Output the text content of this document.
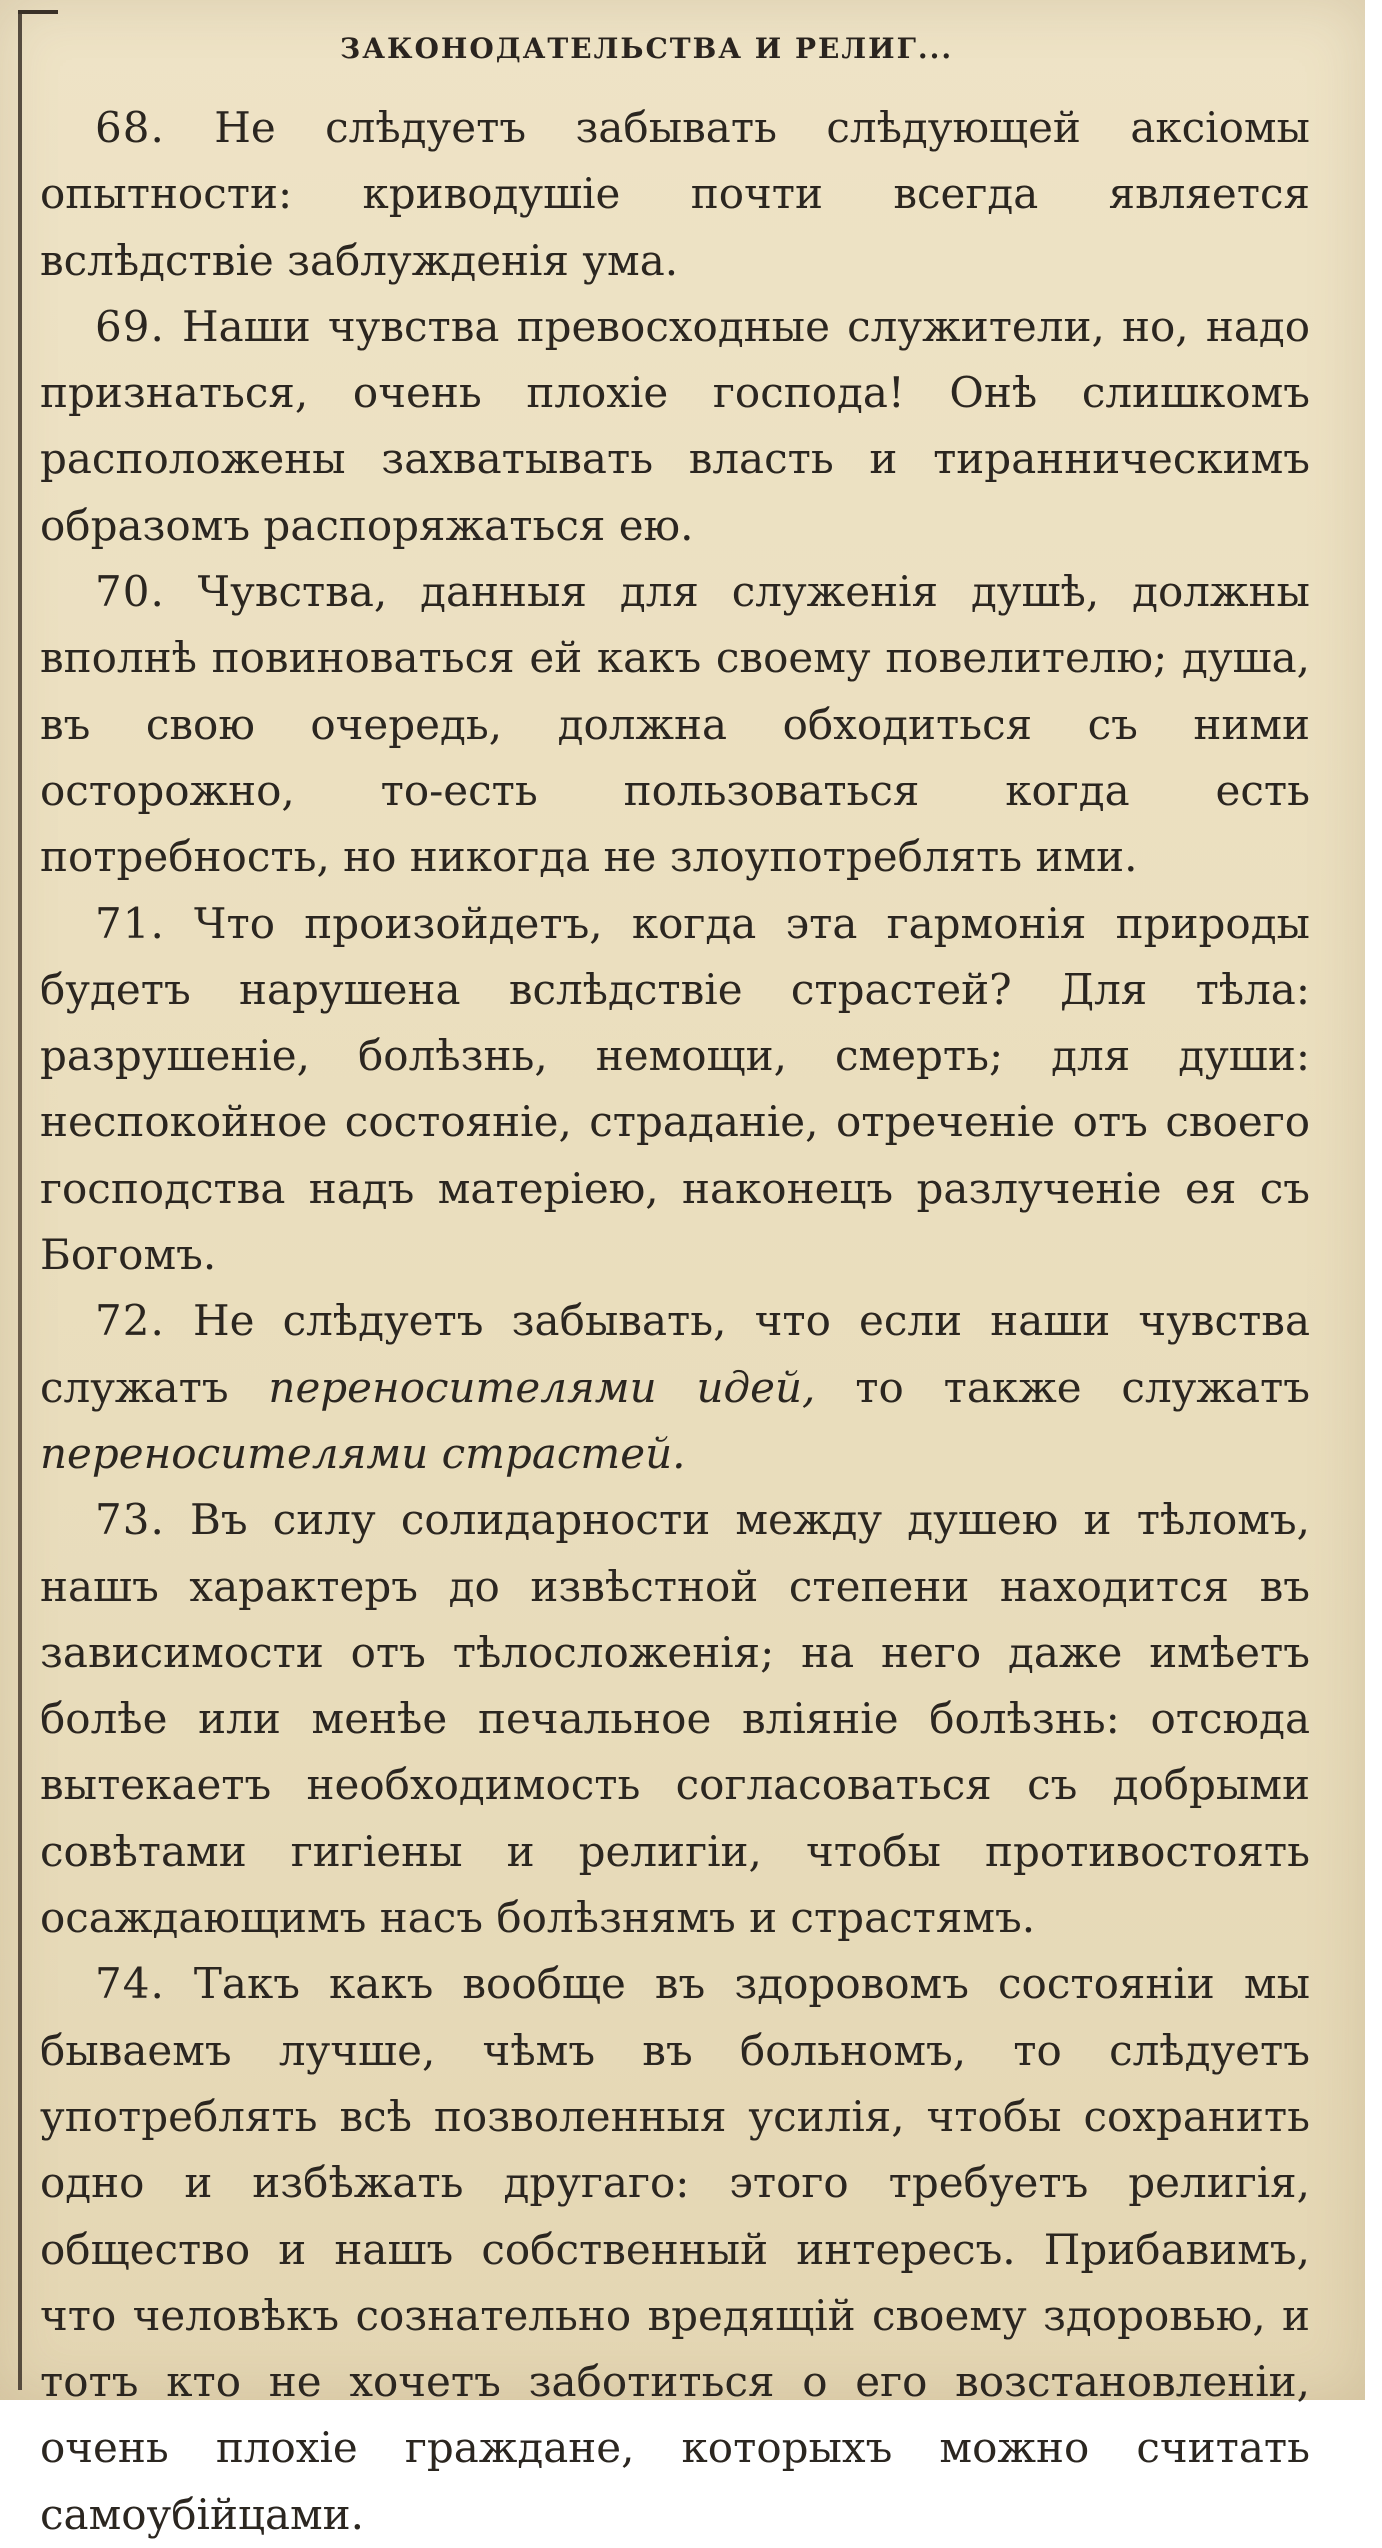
ЗАКОНОДАТЕЛЬСТВА И РЕЛИГ...

68. Не слѣдуетъ забывать слѣдующей аксіомы опытности: криводушіе почти всегда является вслѣдствіе заблужденія ума.

69. Наши чувства превосходные служители, но, надо признаться, очень плохіе господа! Онѣ слишкомъ расположены захватывать власть и тиранническимъ образомъ распоряжаться ею.

70. Чувства, данныя для служенія душѣ, должны вполнѣ повиноваться ей какъ своему повелителю; душа, въ свою очередь, должна обходиться съ ними осторожно, то-есть пользоваться когда есть потребность, но никогда не злоупотреблять ими.

71. Что произойдетъ, когда эта гармонія природы будетъ нарушена вслѣдствіе страстей? Для тѣла: разрушеніе, болѣзнь, немощи, смерть; для души: неспокойное состояніе, страданіе, отреченіе отъ своего господства надъ матеріею, наконецъ разлученіе ея съ Богомъ.

72. Не слѣдуетъ забывать, что если наши чувства служатъ переносителями идей, то также служатъ переносителями страстей.

73. Въ силу солидарности между душею и тѣломъ, нашъ характеръ до извѣстной степени находится въ зависимости отъ тѣлосложенія; на него даже имѣетъ болѣе или менѣе печальное вліяніе болѣзнь: отсюда вытекаетъ необходимость согласоваться съ добрыми совѣтами гигіены и религіи, чтобы противостоять осаждающимъ насъ болѣзнямъ и страстямъ.

74. Такъ какъ вообще въ здоровомъ состояніи мы бываемъ лучше, чѣмъ въ больномъ, то слѣдуетъ употреблять всѣ позволенныя усилія, чтобы сохранить одно и избѣжать другаго: этого требуетъ религія, общество и нашъ собственный интересъ. Прибавимъ, что человѣкъ сознательно вредящій своему здоровью, и тотъ кто не хочетъ заботиться о его возстановленіи, очень плохіе граждане, которыхъ можно считать самоубійцами.
